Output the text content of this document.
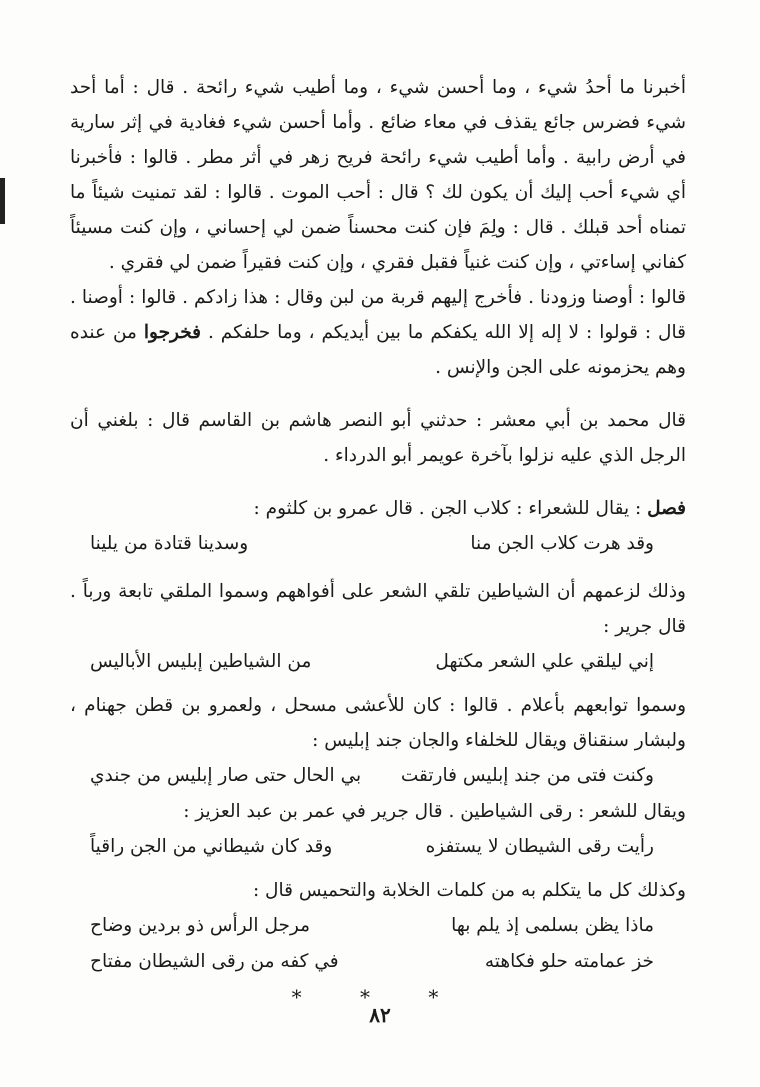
أخبرنا ما أحدُ شيء ، وما أحسن شيء ، وما أطيب شيء رائحة . قال : أما أحد شيء فضرس جائع يقذف في معاء ضائع . وأما أحسن شيء فغادية في إثر سارية في أرض رابية . وأما أطيب شيء رائحة فريح زهر في أثر مطر . قالوا : فأخبرنا أي شيء أحب إليك أن يكون لك ؟ قال : أحب الموت . قالوا : لقد تمنيت شيئاً ما تمناه أحد قبلك . قال : ولِمَ فإن كنت محسناً ضمن لي إحساني ، وإن كنت مسيئاً كفاني إساءتي ، وإن كنت غنياً فقبل فقري ، وإن كنت فقيراً ضمن لي فقري .

قالوا : أوصنا وزودنا . فأخرج إليهم قربة من لبن وقال : هذا زادكم . قالوا : أوصنا . قال : قولوا : لا إله إلا الله يكفكم ما بين أيديكم ، وما حلفكم . فخرجوا من عنده وهم يحزمونه على الجن والإنس .

قال محمد بن أبي معشر : حدثني أبو النصر هاشم بن القاسم قال : بلغني أن الرجل الذي عليه نزلوا بآخرة عويمر أبو الدرداء .

فصل : يقال للشعراء : كلاب الجن . قال عمرو بن كلثوم :

وقد هرت كلاب الجن منا
وسدينا قتادة من يلينا

وذلك لزعمهم أن الشياطين تلقي الشعر على أفواههم وسموا الملقي تابعة ورباً . قال جرير :

إني ليلقي علي الشعر مكتهل
من الشياطين إبليس الأباليس

وسموا توابعهم بأعلام . قالوا : كان للأعشى مسحل ، ولعمرو بن قطن جهنام ، ولبشار سنقناق ويقال للخلفاء والجان جند إبليس :

وكنت فتى من جند إبليس فارتقت
بي الحال حتى صار إبليس من جندي

ويقال للشعر : رقى الشياطين . قال جرير في عمر بن عبد العزيز :

رأيت رقى الشيطان لا يستفزه
وقد كان شيطاني من الجن راقياً

وكذلك كل ما يتكلم به من كلمات الخلابة والتحميس قال :

ماذا يظن بسلمى إذ يلم بها
مرجل الرأس ذو بردين وضاح
خز عمامته حلو فكاهته
في كفه من رقى الشيطان مفتاح
* * *
٨٢
